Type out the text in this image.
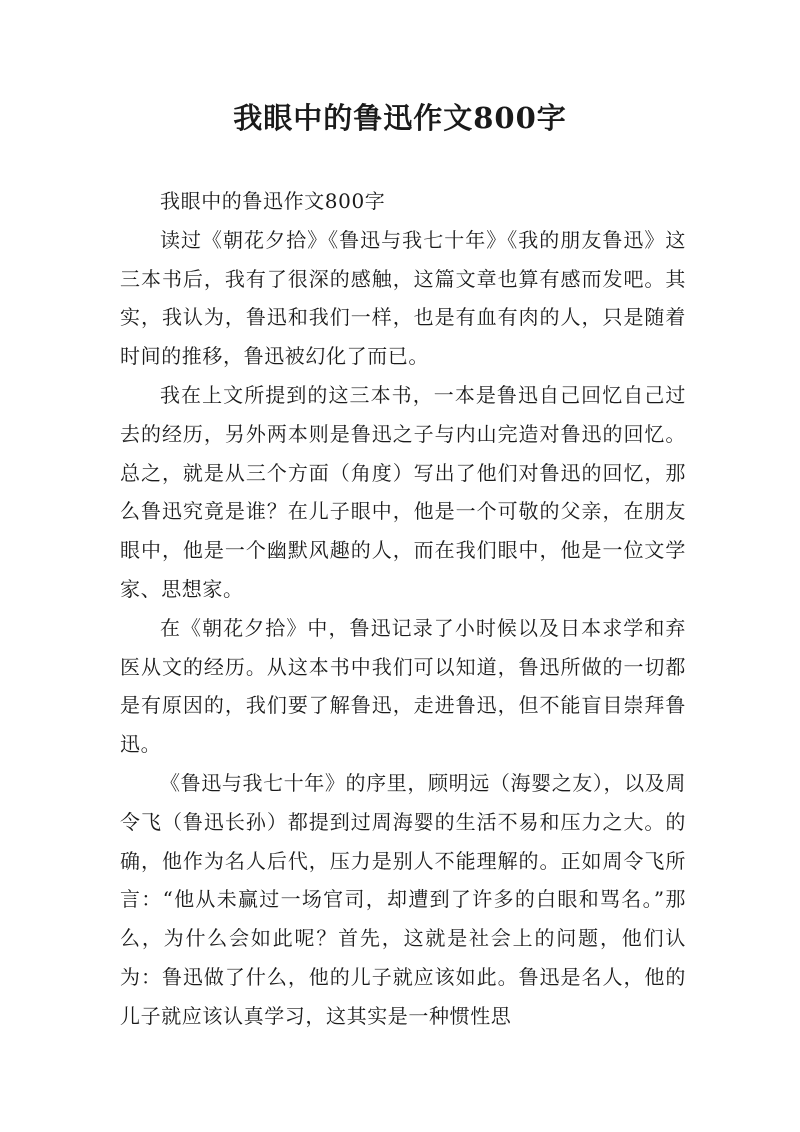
我眼中的鲁迅作文800字

我眼中的鲁迅作文800字

读过《朝花夕拾》《鲁迅与我七十年》《我的朋友鲁迅》这三本书后，我有了很深的感触，这篇文章也算有感而发吧。其实，我认为，鲁迅和我们一样，也是有血有肉的人，只是随着时间的推移，鲁迅被幻化了而已。

我在上文所提到的这三本书，一本是鲁迅自己回忆自己过去的经历，另外两本则是鲁迅之子与内山完造对鲁迅的回忆。总之，就是从三个方面（角度）写出了他们对鲁迅的回忆，那么鲁迅究竟是谁？在儿子眼中，他是一个可敬的父亲，在朋友眼中，他是一个幽默风趣的人，而在我们眼中，他是一位文学家、思想家。

在《朝花夕拾》中，鲁迅记录了小时候以及日本求学和弃医从文的经历。从这本书中我们可以知道，鲁迅所做的一切都是有原因的，我们要了解鲁迅，走进鲁迅，但不能盲目崇拜鲁迅。

《鲁迅与我七十年》的序里，顾明远（海婴之友），以及周令飞（鲁迅长孙）都提到过周海婴的生活不易和压力之大。的确，他作为名人后代，压力是别人不能理解的。正如周令飞所言：“他从未赢过一场官司，却遭到了许多的白眼和骂名。”那么，为什么会如此呢？首先，这就是社会上的问题，他们认为：鲁迅做了什么，他的儿子就应该如此。鲁迅是名人，他的儿子就应该认真学习，这其实是一种惯性思
